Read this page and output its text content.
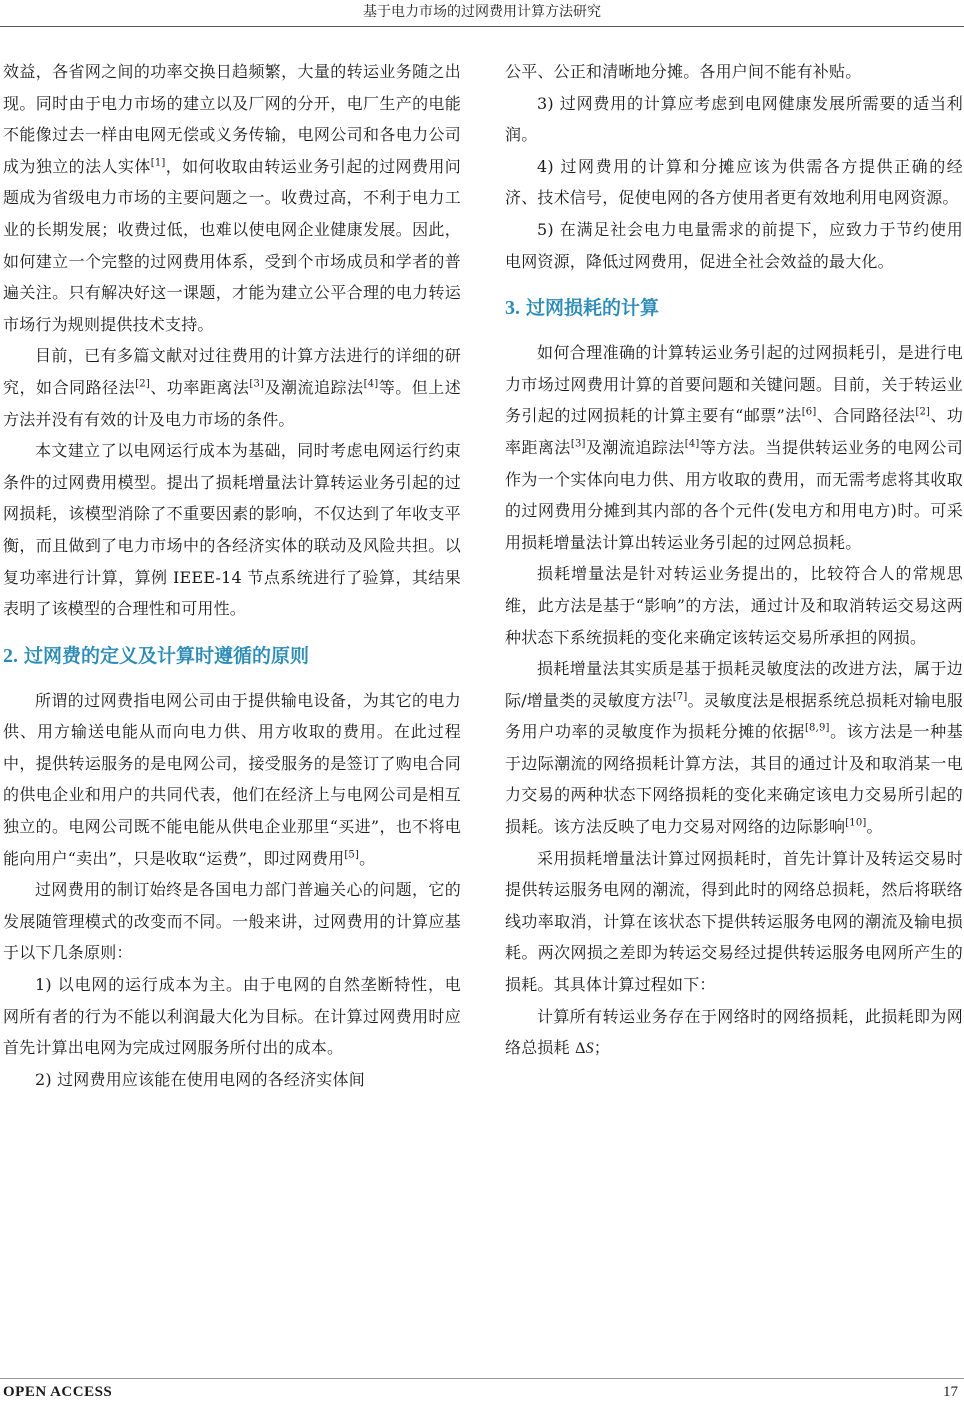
基于电力市场的过网费用计算方法研究

效益，各省网之间的功率交换日趋频繁，大量的转运业务随之出现。同时由于电力市场的建立以及厂网的分开，电厂生产的电能不能像过去一样由电网无偿或义务传输，电网公司和各电力公司成为独立的法人实体[1]，如何收取由转运业务引起的过网费用问题成为省级电力市场的主要问题之一。收费过高，不利于电力工业的长期发展；收费过低，也难以使电网企业健康发展。因此，如何建立一个完整的过网费用体系，受到个市场成员和学者的普遍关注。只有解决好这一课题，才能为建立公平合理的电力转运市场行为规则提供技术支持。

目前，已有多篇文献对过往费用的计算方法进行的详细的研究，如合同路径法[2]、功率距离法[3]及潮流追踪法[4]等。但上述方法并没有有效的计及电力市场的条件。

本文建立了以电网运行成本为基础，同时考虑电网运行约束条件的过网费用模型。提出了损耗增量法计算转运业务引起的过网损耗，该模型消除了不重要因素的影响，不仅达到了年收支平衡，而且做到了电力市场中的各经济实体的联动及风险共担。以复功率进行计算，算例 IEEE-14 节点系统进行了验算，其结果表明了该模型的合理性和可用性。

2. 过网费的定义及计算时遵循的原则

所谓的过网费指电网公司由于提供输电设备，为其它的电力供、用方输送电能从而向电力供、用方收取的费用。在此过程中，提供转运服务的是电网公司，接受服务的是签订了购电合同的供电企业和用户的共同代表，他们在经济上与电网公司是相互独立的。电网公司既不能电能从供电企业那里“买进”，也不将电能向用户“卖出”，只是收取“运费”，即过网费用[5]。

过网费用的制订始终是各国电力部门普遍关心的问题，它的发展随管理模式的改变而不同。一般来讲，过网费用的计算应基于以下几条原则：

1) 以电网的运行成本为主。由于电网的自然垄断特性，电网所有者的行为不能以利润最大化为目标。在计算过网费用时应首先计算出电网为完成过网服务所付出的成本。

2) 过网费用应该能在使用电网的各经济实体间

公平、公正和清晰地分摊。各用户间不能有补贴。

3) 过网费用的计算应考虑到电网健康发展所需要的适当利润。

4) 过网费用的计算和分摊应该为供需各方提供正确的经济、技术信号，促使电网的各方使用者更有效地利用电网资源。

5) 在满足社会电力电量需求的前提下，应致力于节约使用电网资源，降低过网费用，促进全社会效益的最大化。

3. 过网损耗的计算

如何合理准确的计算转运业务引起的过网损耗引，是进行电力市场过网费用计算的首要问题和关键问题。目前，关于转运业务引起的过网损耗的计算主要有“邮票”法[6]、合同路径法[2]、功率距离法[3]及潮流追踪法[4]等方法。当提供转运业务的电网公司作为一个实体向电力供、用方收取的费用，而无需考虑将其收取的过网费用分摊到其内部的各个元件(发电方和用电方)时。可采用损耗增量法计算出转运业务引起的过网总损耗。

损耗增量法是针对转运业务提出的，比较符合人的常规思维，此方法是基于“影响”的方法，通过计及和取消转运交易这两种状态下系统损耗的变化来确定该转运交易所承担的网损。

损耗增量法其实质是基于损耗灵敏度法的改进方法，属于边际/增量类的灵敏度方法[7]。灵敏度法是根据系统总损耗对输电服务用户功率的灵敏度作为损耗分摊的依据[8,9]。该方法是一种基于边际潮流的网络损耗计算方法，其目的通过计及和取消某一电力交易的两种状态下网络损耗的变化来确定该电力交易所引起的损耗。该方法反映了电力交易对网络的边际影响[10]。

采用损耗增量法计算过网损耗时，首先计算计及转运交易时提供转运服务电网的潮流，得到此时的网络总损耗，然后将联络线功率取消，计算在该状态下提供转运服务电网的潮流及输电损耗。两次网损之差即为转运交易经过提供转运服务电网所产生的损耗。其具体计算过程如下：

计算所有转运业务存在于网络时的网络损耗，此损耗即为网络总损耗 ΔS；

OPEN ACCESS	17
